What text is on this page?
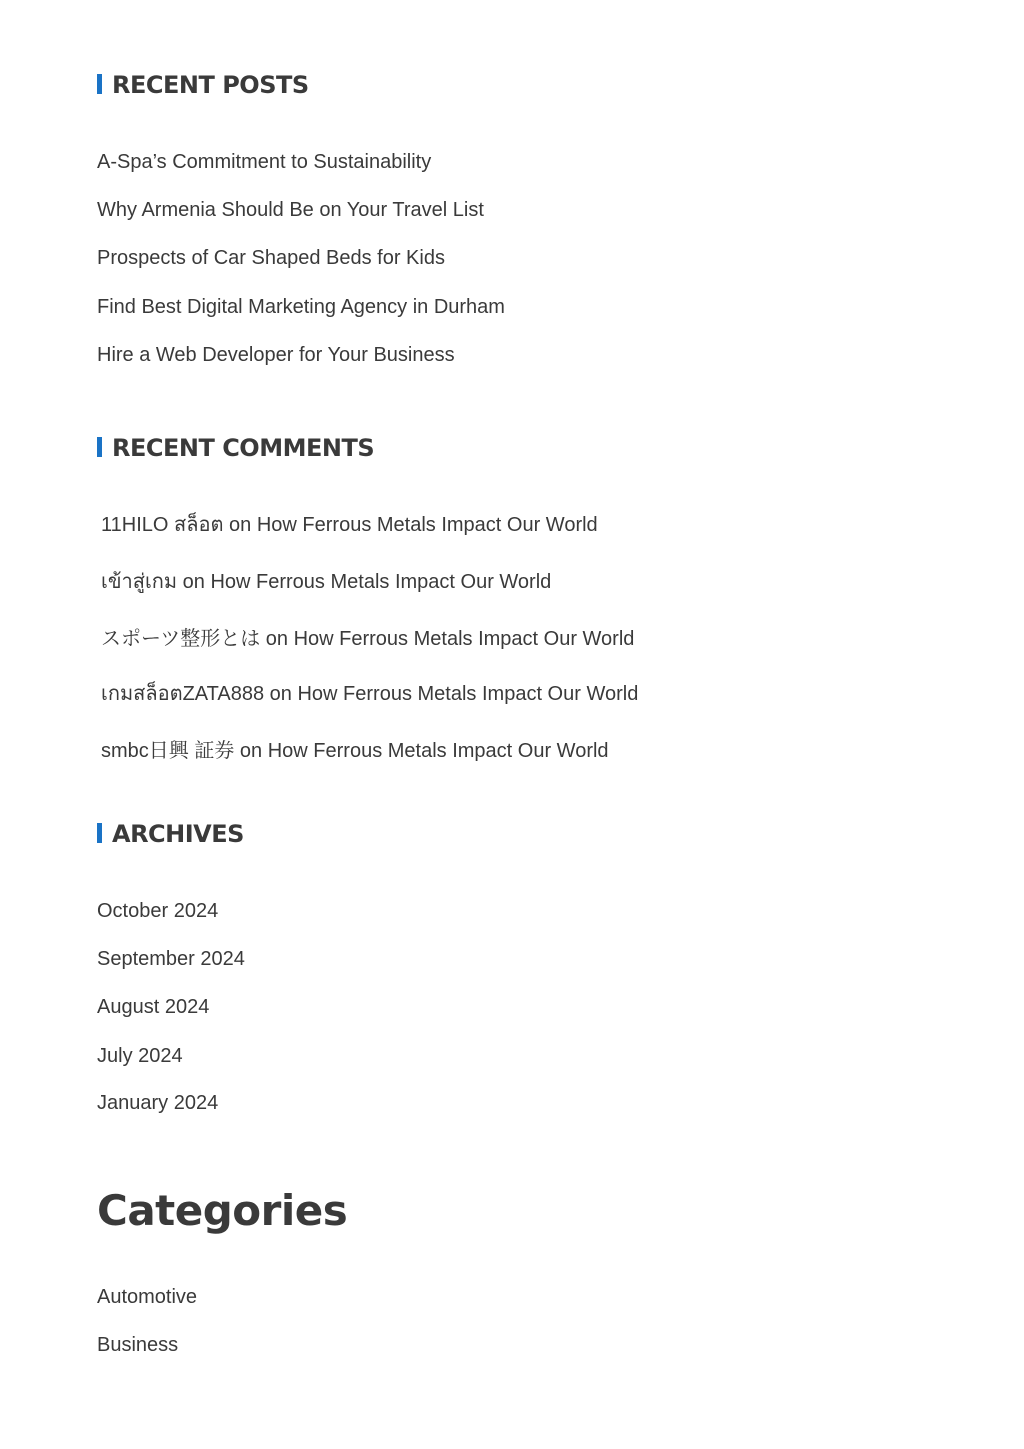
RECENT POSTS
A-Spa’s Commitment to Sustainability
Why Armenia Should Be on Your Travel List
Prospects of Car Shaped Beds for Kids
Find Best Digital Marketing Agency in Durham
Hire a Web Developer for Your Business
RECENT COMMENTS
11HILO สล็อต on How Ferrous Metals Impact Our World
เข้าสู่เกม on How Ferrous Metals Impact Our World
スポーツ整形とは on How Ferrous Metals Impact Our World
เกมสล็อตZATA888 on How Ferrous Metals Impact Our World
smbc日興 証券 on How Ferrous Metals Impact Our World
ARCHIVES
October 2024
September 2024
August 2024
July 2024
January 2024
Categories
Automotive
Business
